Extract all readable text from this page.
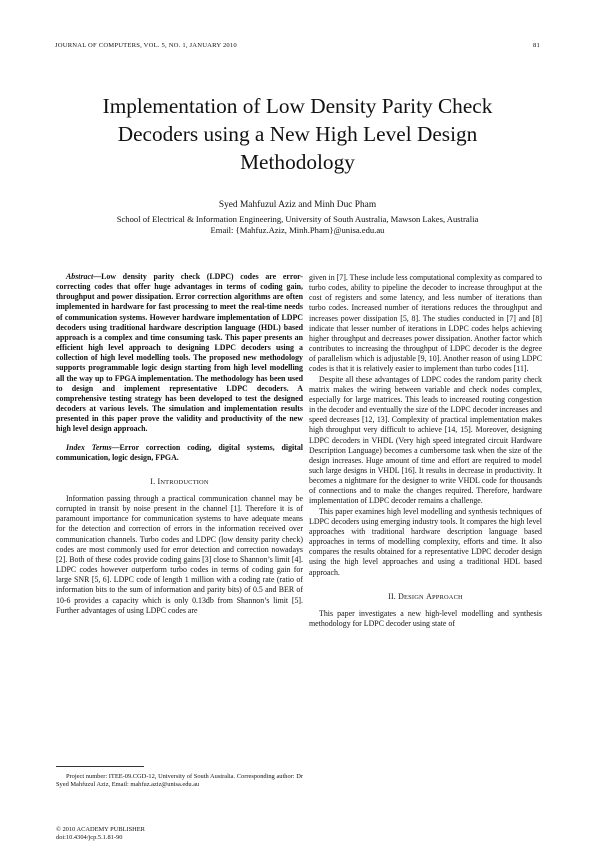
JOURNAL OF COMPUTERS, VOL. 5, NO. 1, JANUARY 2010	81
Implementation of Low Density Parity Check
Decoders using a New High Level Design
Methodology
Syed Mahfuzul Aziz and Minh Duc Pham
School of Electrical & Information Engineering, University of South Australia, Mawson Lakes, Australia
Email: {Mahfuz.Aziz, Minh.Pham}@unisa.edu.au

Abstract—Low density parity check (LDPC) codes are error-correcting codes that offer huge advantages in terms of coding gain, throughput and power dissipation. Error correction algorithms are often implemented in hardware for fast processing to meet the real-time needs of communication systems. However hardware implementation of LDPC decoders using traditional hardware description language (HDL) based approach is a complex and time consuming task. This paper presents an efficient high level approach to designing LDPC decoders using a collection of high level modelling tools. The proposed new methodology supports programmable logic design starting from high level modelling all the way up to FPGA implementation. The methodology has been used to design and implement representative LDPC decoders. A comprehensive testing strategy has been developed to test the designed decoders at various levels. The simulation and implementation results presented in this paper prove the validity and productivity of the new high level design approach.

Index Terms—Error correction coding, digital systems, digital communication, logic design, FPGA.

I. INTRODUCTION

Information passing through a practical communication channel may be corrupted in transit by noise present in the channel [1]. Therefore it is of paramount importance for communication systems to have adequate means for the detection and correction of errors in the information received over communication channels. Turbo codes and LDPC (low density parity check) codes are most commonly used for error detection and correction nowadays [2]. Both of these codes provide coding gains [3] close to Shannon’s limit [4]. LDPC codes however outperform turbo codes in terms of coding gain for large SNR [5, 6]. LDPC code of length 1 million with a coding rate (ratio of information bits to the sum of information and parity bits) of 0.5 and BER of 10-6 provides a capacity which is only 0.13db from Shannon’s limit [5]. Further advantages of using LDPC codes are

Project number: ITEE-09.CGD-12, University of South Australia. Corresponding author: Dr Syed Mahfuzul Aziz, Email: mahfuz.aziz@unisa.edu.au
© 2010 ACADEMY PUBLISHER
doi:10.4304/jcp.5.1.81-90

given in [7]. These include less computational complexity as compared to turbo codes, ability to pipeline the decoder to increase throughput at the cost of registers and some latency, and less number of iterations than turbo codes. Increased number of iterations reduces the throughput and increases power dissipation [5, 8]. The studies conducted in [7] and [8] indicate that lesser number of iterations in LDPC codes helps achieving higher throughput and decreases power dissipation. Another factor which contributes to increasing the throughput of LDPC decoder is the degree of parallelism which is adjustable [9, 10]. Another reason of using LDPC codes is that it is relatively easier to implement than turbo codes [11].

Despite all these advantages of LDPC codes the random parity check matrix makes the wiring between variable and check nodes complex, especially for large matrices. This leads to increased routing congestion in the decoder and eventually the size of the LDPC decoder increases and speed decreases [12, 13]. Complexity of practical implementation makes high throughput very difficult to achieve [14, 15]. Moreover, designing LDPC decoders in VHDL (Very high speed integrated circuit Hardware Description Language) becomes a cumbersome task when the size of the design increases. Huge amount of time and effort are required to model such large designs in VHDL [16]. It results in decrease in productivity. It becomes a nightmare for the designer to write VHDL code for thousands of connections and to make the changes required. Therefore, hardware implementation of LDPC decoder remains a challenge.

This paper examines high level modelling and synthesis techniques of LDPC decoders using emerging industry tools. It compares the high level approaches with traditional hardware description language based approaches in terms of modelling complexity, efforts and time. It also compares the results obtained for a representative LDPC decoder design using the high level approaches and using a traditional HDL based approach.

II. DESIGN APPROACH

This paper investigates a new high-level modelling and synthesis methodology for LDPC decoder using state of
